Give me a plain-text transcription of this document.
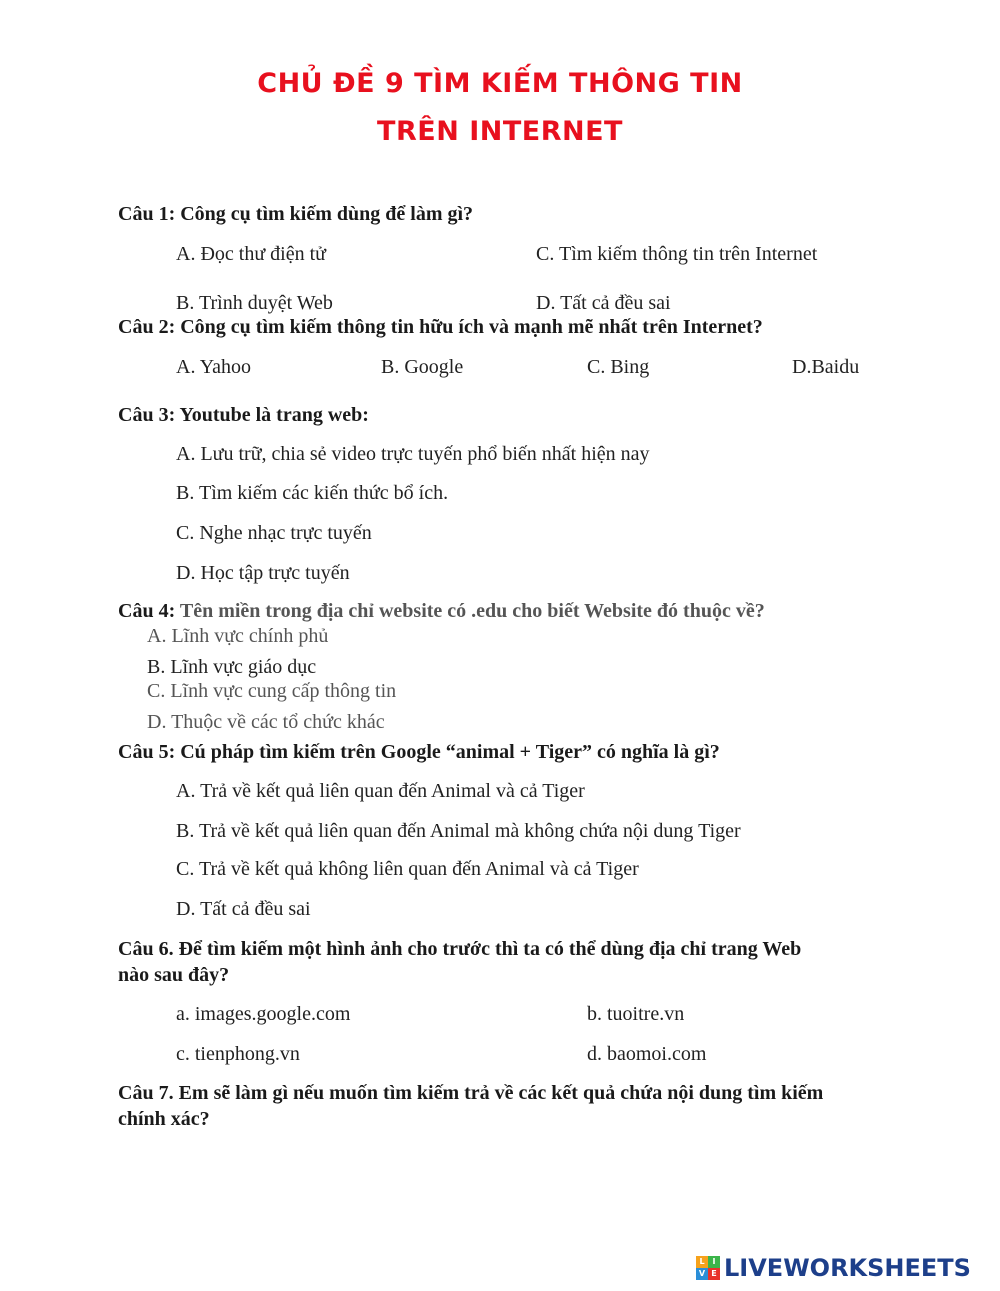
CHỦ ĐỀ 9 TÌM KIẾM THÔNG TIN
TRÊN INTERNET
Câu 1: Công cụ tìm kiếm dùng để làm gì?
A. Đọc thư điện tử	C. Tìm kiếm thông tin trên Internet
B. Trình duyệt Web	D. Tất cả đều sai
Câu 2: Công cụ tìm kiếm thông tin hữu ích và mạnh mẽ nhất trên Internet?
A. Yahoo	B. Google	C. Bing	D.Baidu
Câu 3: Youtube là trang web:
A. Lưu trữ, chia sẻ video trực tuyến phổ biến nhất hiện nay
B. Tìm kiếm các kiến thức bổ ích.
C. Nghe nhạc trực tuyến
D. Học tập trực tuyến
Câu 4: Tên miền trong địa chỉ website có .edu cho biết Website đó thuộc về?
A. Lĩnh vực chính phủ
B. Lĩnh vực giáo dục
C. Lĩnh vực cung cấp thông tin
D. Thuộc về các tổ chức khác
Câu 5: Cú pháp tìm kiếm trên Google “animal + Tiger” có nghĩa là gì?
A. Trả về kết quả liên quan đến Animal và cả Tiger
B. Trả về kết quả liên quan đến Animal mà không chứa nội dung Tiger
C. Trả về kết quả không liên quan đến Animal và cả Tiger
D. Tất cả đều sai
Câu 6. Để tìm kiếm một hình ảnh cho trước thì ta có thể dùng địa chỉ trang Web
nào sau đây?
a. images.google.com	b. tuoitre.vn
c. tienphong.vn	d. baomoi.com
Câu 7. Em sẽ làm gì nếu muốn tìm kiếm trả về các kết quả chứa nội dung tìm kiếm
chính xác?
L I
V E LIVEWORKSHEETS
